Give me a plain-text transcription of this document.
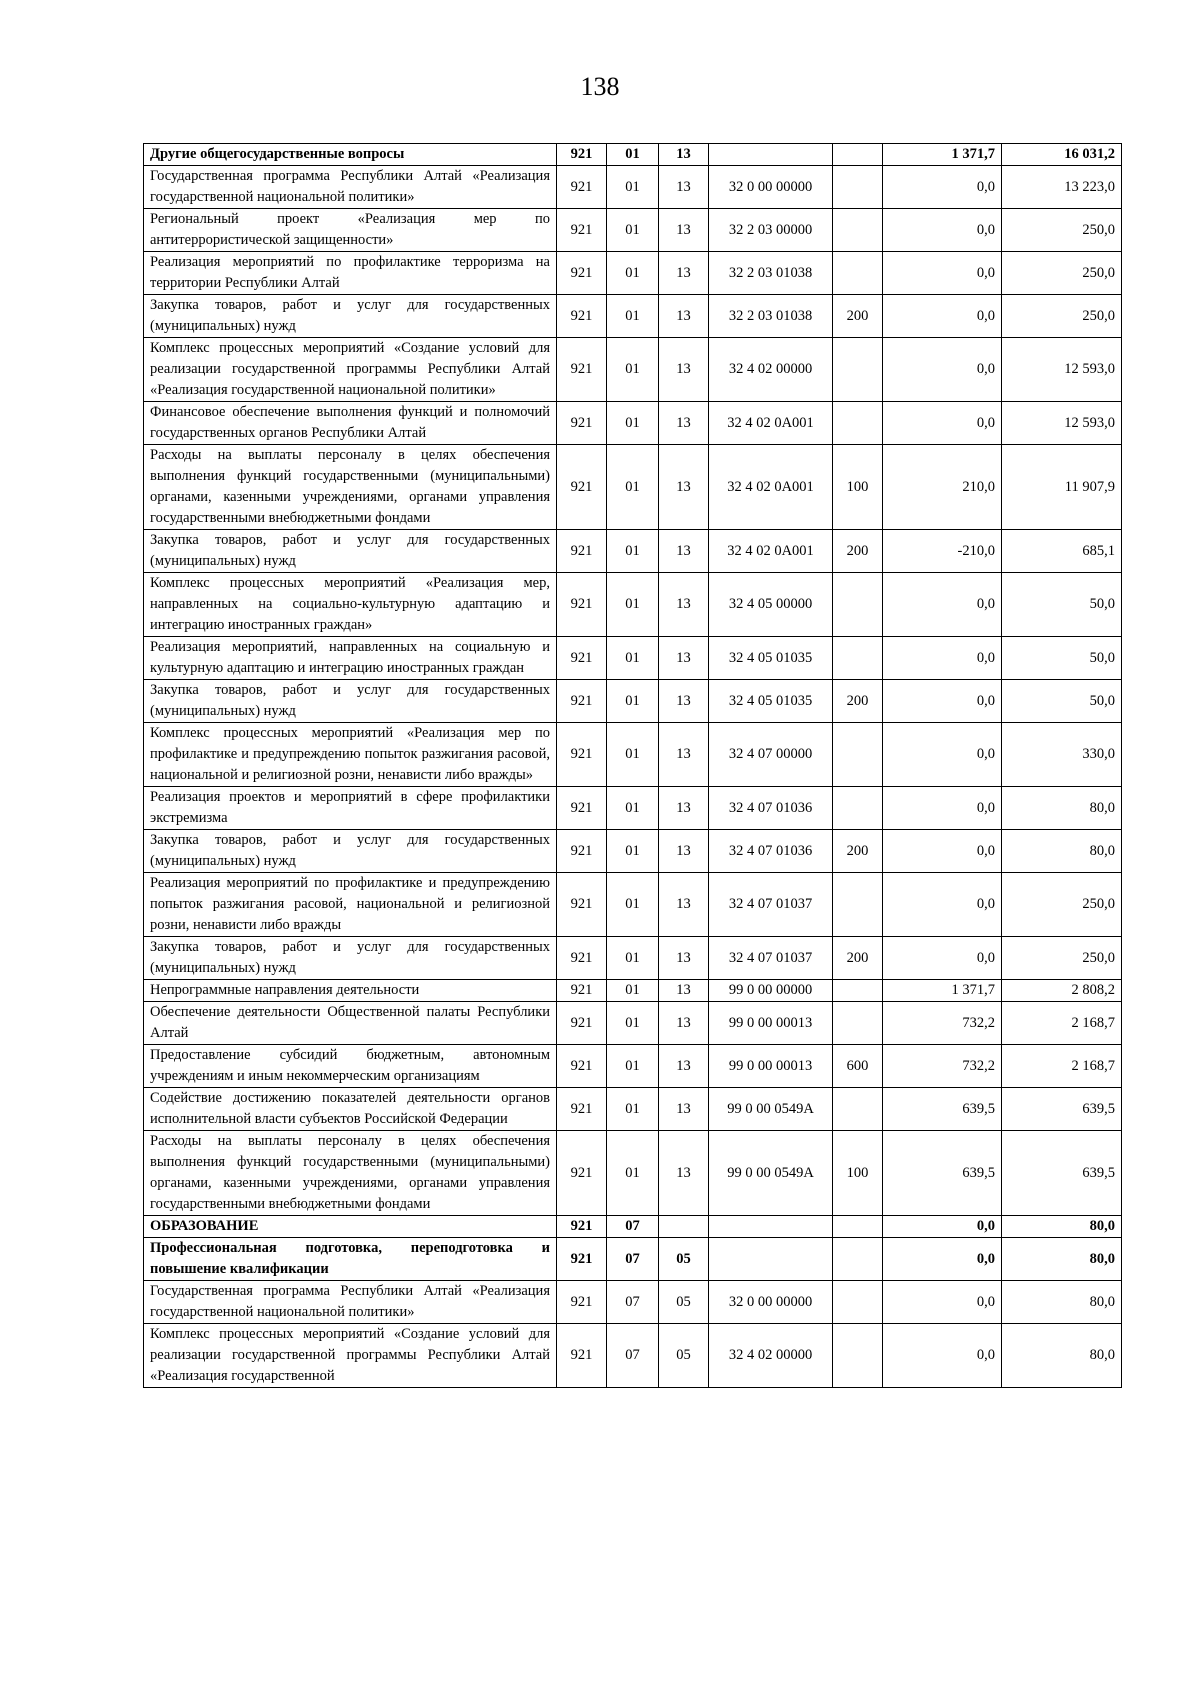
138
Другие общегосударственные вопросы	921	01	13			1 371,7	16 031,2
Государственная программа Республики Алтай «Реализация государственной национальной политики»	921	01	13	32 0 00 00000		0,0	13 223,0
Региональный проект «Реализация мер по антитеррористической защищенности»	921	01	13	32 2 03 00000		0,0	250,0
Реализация мероприятий по профилактике терроризма на территории Республики Алтай	921	01	13	32 2 03 01038		0,0	250,0
Закупка товаров, работ и услуг для государственных (муниципальных) нужд	921	01	13	32 2 03 01038	200	0,0	250,0
Комплекс процессных мероприятий «Создание условий для реализации государственной программы Республики Алтай «Реализация государственной национальной политики»	921	01	13	32 4 02 00000		0,0	12 593,0
Финансовое обеспечение выполнения функций и полномочий государственных органов Республики Алтай	921	01	13	32 4 02 0А001		0,0	12 593,0
Расходы на выплаты персоналу в целях обеспечения выполнения функций государственными (муниципальными) органами, казенными учреждениями, органами управления государственными внебюджетными фондами	921	01	13	32 4 02 0А001	100	210,0	11 907,9
Закупка товаров, работ и услуг для государственных (муниципальных) нужд	921	01	13	32 4 02 0А001	200	-210,0	685,1
Комплекс процессных мероприятий «Реализация мер, направленных на социально-культурную адаптацию и интеграцию иностранных граждан»	921	01	13	32 4 05 00000		0,0	50,0
Реализация мероприятий, направленных на социальную и культурную адаптацию и интеграцию иностранных граждан	921	01	13	32 4 05 01035		0,0	50,0
Закупка товаров, работ и услуг для государственных (муниципальных) нужд	921	01	13	32 4 05 01035	200	0,0	50,0
Комплекс процессных мероприятий «Реализация мер по профилактике и предупреждению попыток разжигания расовой, национальной и религиозной розни, ненависти либо вражды»	921	01	13	32 4 07 00000		0,0	330,0
Реализация проектов и мероприятий в сфере профилактики экстремизма	921	01	13	32 4 07 01036		0,0	80,0
Закупка товаров, работ и услуг для государственных (муниципальных) нужд	921	01	13	32 4 07 01036	200	0,0	80,0
Реализация мероприятий по профилактике и предупреждению попыток разжигания расовой, национальной и религиозной розни, ненависти либо вражды	921	01	13	32 4 07 01037		0,0	250,0
Закупка товаров, работ и услуг для государственных (муниципальных) нужд	921	01	13	32 4 07 01037	200	0,0	250,0
Непрограммные направления деятельности	921	01	13	99 0 00 00000		1 371,7	2 808,2
Обеспечение деятельности Общественной палаты Республики Алтай	921	01	13	99 0 00 00013		732,2	2 168,7
Предоставление субсидий бюджетным, автономным учреждениям и иным некоммерческим организациям	921	01	13	99 0 00 00013	600	732,2	2 168,7
Содействие достижению показателей деятельности органов исполнительной власти субъектов Российской Федерации	921	01	13	99 0 00 0549А		639,5	639,5
Расходы на выплаты персоналу в целях обеспечения выполнения функций государственными (муниципальными) органами, казенными учреждениями, органами управления государственными внебюджетными фондами	921	01	13	99 0 00 0549А	100	639,5	639,5
ОБРАЗОВАНИЕ	921	07				0,0	80,0
Профессиональная подготовка, переподготовка и повышение квалификации	921	07	05			0,0	80,0
Государственная программа Республики Алтай «Реализация государственной национальной политики»	921	07	05	32 0 00 00000		0,0	80,0
Комплекс процессных мероприятий «Создание условий для реализации государственной программы Республики Алтай «Реализация государственной	921	07	05	32 4 02 00000		0,0	80,0
